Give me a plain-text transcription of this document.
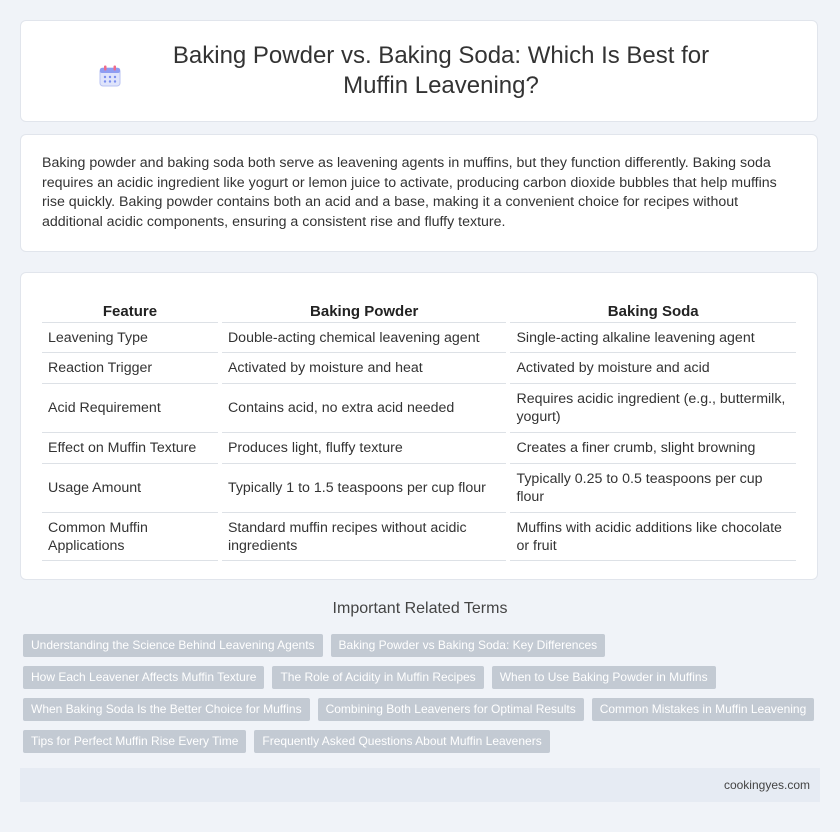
Baking Powder vs. Baking Soda: Which Is Best for Muffin Leavening?

Baking powder and baking soda both serve as leavening agents in muffins, but they function differently. Baking soda requires an acidic ingredient like yogurt or lemon juice to activate, producing carbon dioxide bubbles that help muffins rise quickly. Baking powder contains both an acid and a base, making it a convenient choice for recipes without additional acidic components, ensuring a consistent rise and fluffy texture.

Feature	Baking Powder	Baking Soda
Leavening Type	Double-acting chemical leavening agent	Single-acting alkaline leavening agent
Reaction Trigger	Activated by moisture and heat	Activated by moisture and acid
Acid Requirement	Contains acid, no extra acid needed	Requires acidic ingredient (e.g., buttermilk, yogurt)
Effect on Muffin Texture	Produces light, fluffy texture	Creates a finer crumb, slight browning
Usage Amount	Typically 1 to 1.5 teaspoons per cup flour	Typically 0.25 to 0.5 teaspoons per cup flour
Common Muffin Applications	Standard muffin recipes without acidic ingredients	Muffins with acidic additions like chocolate or fruit
Important Related Terms
Understanding the Science Behind Leavening Agents	Baking Powder vs Baking Soda: Key Differences
How Each Leavener Affects Muffin Texture	The Role of Acidity in Muffin Recipes	When to Use Baking Powder in Muffins
When Baking Soda Is the Better Choice for Muffins	Combining Both Leaveners for Optimal Results	Common Mistakes in Muffin Leavening
Tips for Perfect Muffin Rise Every Time	Frequently Asked Questions About Muffin Leaveners
cookingyes.com
